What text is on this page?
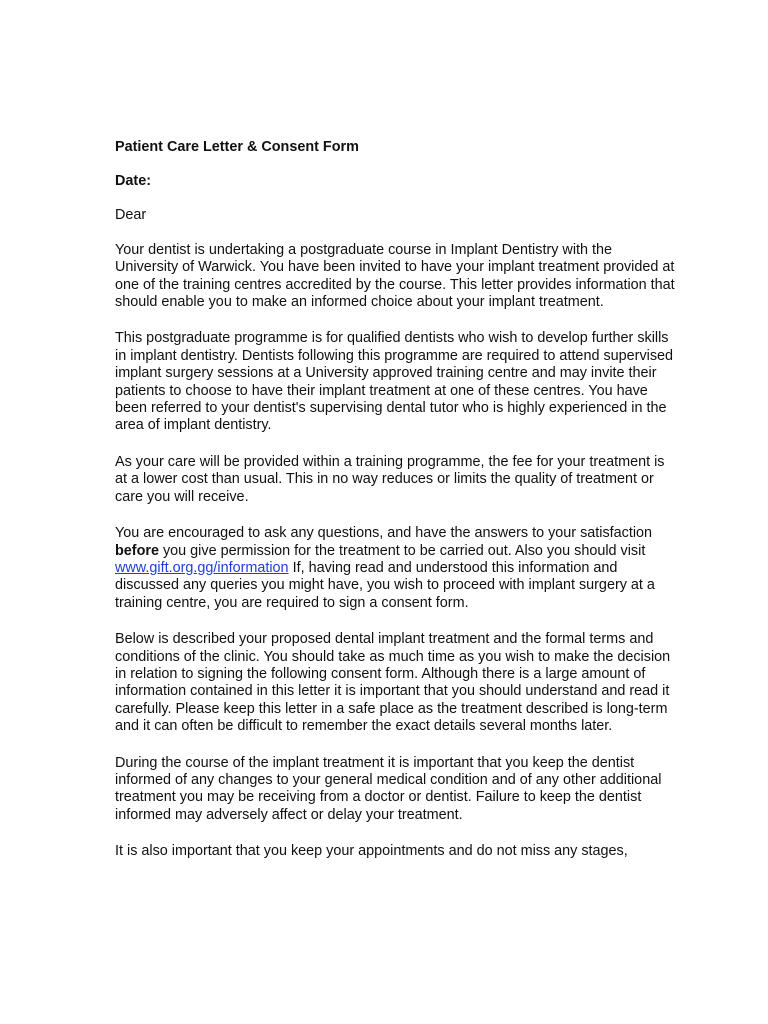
Patient Care Letter & Consent Form

Date:

Dear

Your dentist is undertaking a postgraduate course in Implant Dentistry with the University of Warwick. You have been invited to have your implant treatment provided at one of the training centres accredited by the course. This letter provides information that should enable you to make an informed choice about your implant treatment.

This postgraduate programme is for qualified dentists who wish to develop further skills in implant dentistry. Dentists following this programme are required to attend supervised implant surgery sessions at a University approved training centre and may invite their patients to choose to have their implant treatment at one of these centres. You have been referred to your dentist's supervising dental tutor who is highly experienced in the area of implant dentistry.

As your care will be provided within a training programme, the fee for your treatment is at a lower cost than usual. This in no way reduces or limits the quality of treatment or care you will receive.

You are encouraged to ask any questions, and have the answers to your satisfaction before you give permission for the treatment to be carried out. Also you should visit www.gift.org.gg/information If, having read and understood this information and discussed any queries you might have, you wish to proceed with implant surgery at a training centre, you are required to sign a consent form.

Below is described your proposed dental implant treatment and the formal terms and conditions of the clinic. You should take as much time as you wish to make the decision in relation to signing the following consent form. Although there is a large amount of information contained in this letter it is important that you should understand and read it carefully. Please keep this letter in a safe place as the treatment described is long-term and it can often be difficult to remember the exact details several months later.

During the course of the implant treatment it is important that you keep the dentist informed of any changes to your general medical condition and of any other additional treatment you may be receiving from a doctor or dentist. Failure to keep the dentist informed may adversely affect or delay your treatment.

It is also important that you keep your appointments and do not miss any stages,
